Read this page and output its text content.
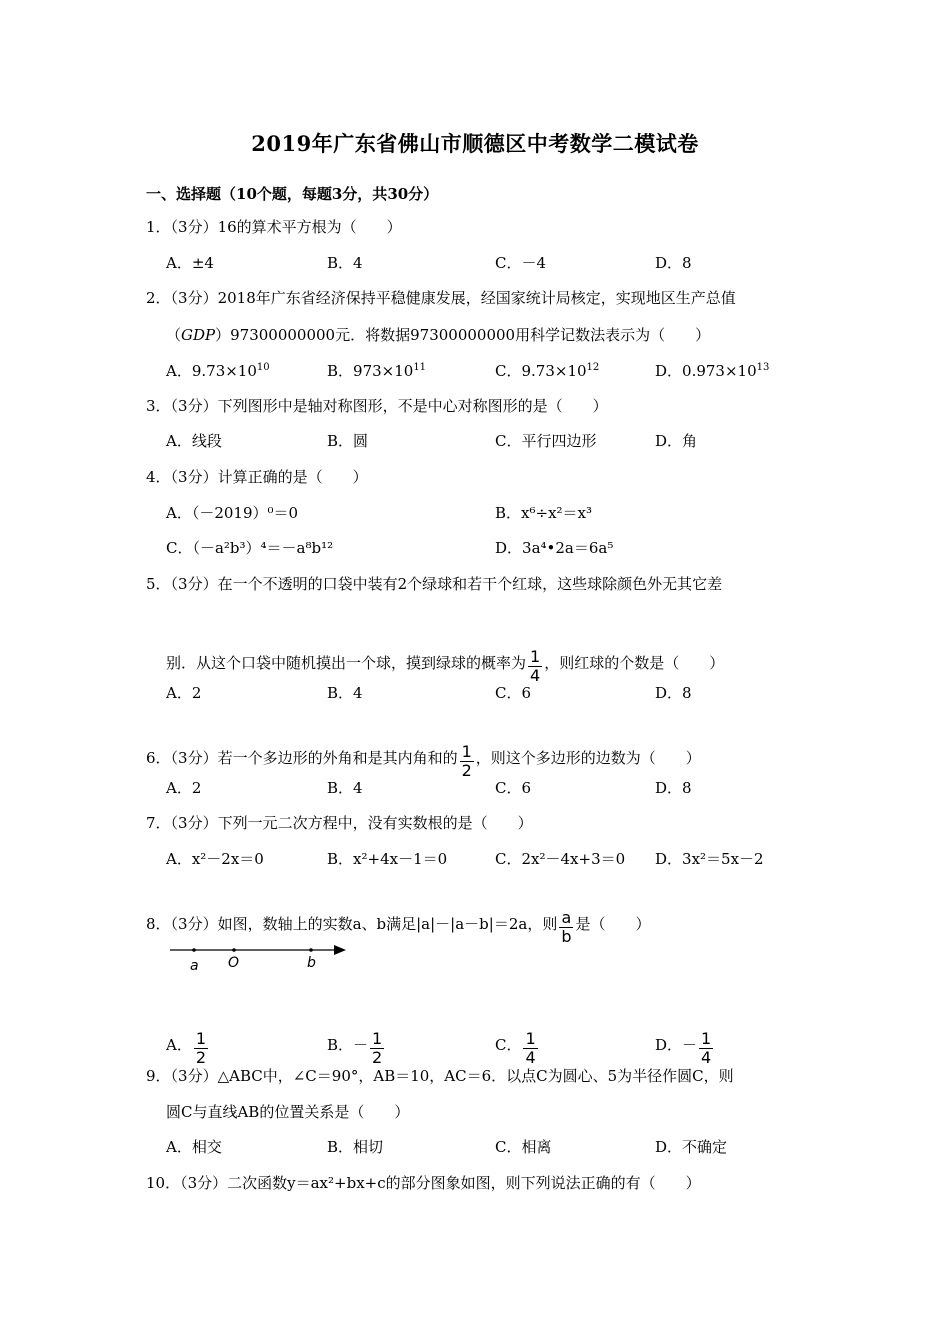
2019年广东省佛山市顺德区中考数学二模试卷
一、选择题（10个题，每题3分，共30分）
1．（3分）16的算术平方根为（　　）
A．±4	B．4	C．－4	D．8
2．（3分）2018年广东省经济保持平稳健康发展，经国家统计局核定，实现地区生产总值
（GDP）97300000000元．将数据97300000000用科学记数法表示为（　　）
A．$9.73\times 10^{10}$	B．$973\times 10^{11}$	C．$9.73\times 10^{12}$	D．$0.973\times 10^{13}$
3．（3分）下列图形中是轴对称图形，不是中心对称图形的是（　　）
A．线段	B．圆	C．平行四边形	D．角
4．（3分）计算正确的是（　　）
A．（－2019）⁰＝0	B．x⁶÷x²＝x³
C．（－a²b³）⁴＝－a⁸b¹²	D．3a⁴•2a＝6a⁵
5．（3分）在一个不透明的口袋中装有2个绿球和若干个红球，这些球除颜色外无其它差
别．从这个口袋中随机摸出一个球，摸到绿球的概率为 $\frac{1}{4}$ ，则红球的个数是（　　）
A．2	B．4	C．6	D．8
6．（3分）若一个多边形的外角和是其内角和的 $\frac{1}{2}$ ，则这个多边形的边数为（　　）
A．2	B．4	C．6	D．8
7．（3分）下列一元二次方程中，没有实数根的是（　　）
A．x²－2x＝0	B．x²+4x－1＝0	C．2x²－4x+3＝0 D．3x²＝5x－2
8．（3分）如图，数轴上的实数a、b满足|a|－|a－b|＝2a，则 $\frac{a}{b}$ 是（　　）
a O	b
A． $\frac{1}{2}$	B．－ $\frac{1}{2}$	C． $\frac{1}{4}$	D．－ $\frac{1}{4}$
9．（3分）△ABC中，∠C＝90°，AB＝10，AC＝6．以点C为圆心、5为半径作圆C，则
圆C与直线AB的位置关系是（　　）
A．相交	B．相切	C．相离	D．不确定
10．（3分）二次函数y＝ax²+bx+c的部分图象如图，则下列说法正确的有（　　）
